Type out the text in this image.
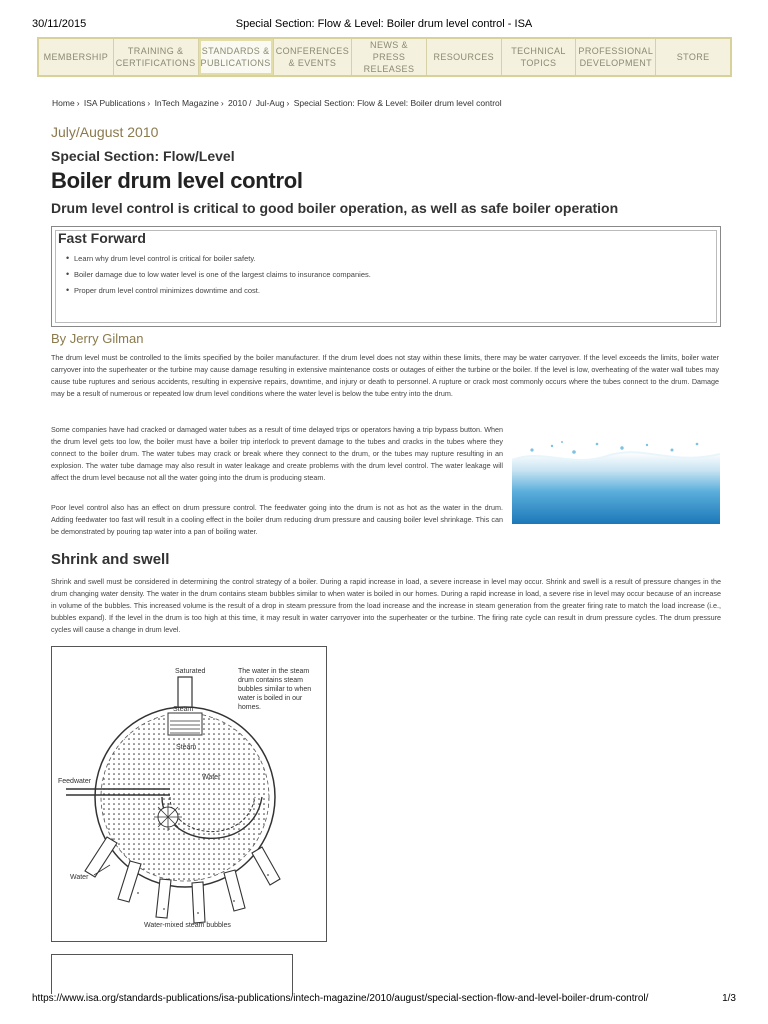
30/11/2015	Special Section: Flow & Level: Boiler drum level control - ISA
MEMBERSHIP
TRAINING &
CERTIFICATIONS
STANDARDS &
PUBLICATIONS
CONFERENCES
& EVENTS
NEWS &
PRESS RELEASES
RESOURCES
TECHNICAL
TOPICS
PROFESSIONAL
DEVELOPMENT
STORE
Home › ISA Publications › InTech Magazine › 2010 / Jul-Aug › Special Section: Flow & Level: Boiler drum level control
July/August 2010
Special Section: Flow/Level
Boiler drum level control
Drum level control is critical to good boiler operation, as well as safe boiler operation
Fast Forward
• Learn why drum level control is critical for boiler safety.
• Boiler damage due to low water level is one of the largest claims to insurance companies.
• Proper drum level control minimizes downtime and cost.
By Jerry Gilman

The drum level must be controlled to the limits specified by the boiler manufacturer. If the drum level does not stay within these limits, there may be water carryover. If the level exceeds the limits, boiler water carryover into the superheater or the turbine may cause damage resulting in extensive maintenance costs or outages of either the turbine or the boiler. If the level is low, overheating of the water wall tubes may cause tube ruptures and serious accidents, resulting in expensive repairs, downtime, and injury or death to personnel. A rupture or crack most commonly occurs where the tubes connect to the drum. Damage may be a result of numerous or repeated low drum level conditions where the water level is below the tube entry into the drum.

Some companies have had cracked or damaged water tubes as a result of time delayed trips or operators having a trip bypass button. When the drum level gets too low, the boiler must have a boiler trip interlock to prevent damage to the tubes and cracks in the tubes where they connect to the boiler drum. The water tubes may crack or break where they connect to the drum, or the tubes may rupture resulting in an explosion. The water tube damage may also result in water leakage and create problems with the drum level control. The water leakage will affect the drum level because not all the water going into the drum is producing steam.

Poor level control also has an effect on drum pressure control. The feedwater going into the drum is not as hot as the water in the drum. Adding feedwater too fast will result in a cooling effect in the boiler drum reducing drum pressure and causing boiler level shrinkage. This can be demonstrated by pouring tap water into a pan of boiling water.

Shrink and swell

Shrink and swell must be considered in determining the control strategy of a boiler. During a rapid increase in load, a severe increase in level may occur. Shrink and swell is a result of pressure changes in the drum changing water density. The water in the drum contains steam bubbles similar to when water is boiled in our homes. During a rapid increase in load, a severe rise in level may occur because of an increase in volume of the bubbles. This increased volume is the result of a drop in steam pressure from the load increase and the increase in steam generation from the greater firing rate to match the load increase (i.e., bubbles expand). If the level in the drum is too high at this time, it may result in water carryover into the superheater or the turbine. The firing rate cycle can result in drum pressure cycles. The drum pressure cycles will cause a change in drum level.

Saturated
Steam
Steam
Feedwater
Water
Water
Water-mixed steam bubbles
The water in the steam drum contains steam bubbles similar to when water is boiled in our homes.
https://www.isa.org/standards-publications/isa-publications/intech-magazine/2010/august/special-section-flow-and-level-boiler-drum-control/	1/3
